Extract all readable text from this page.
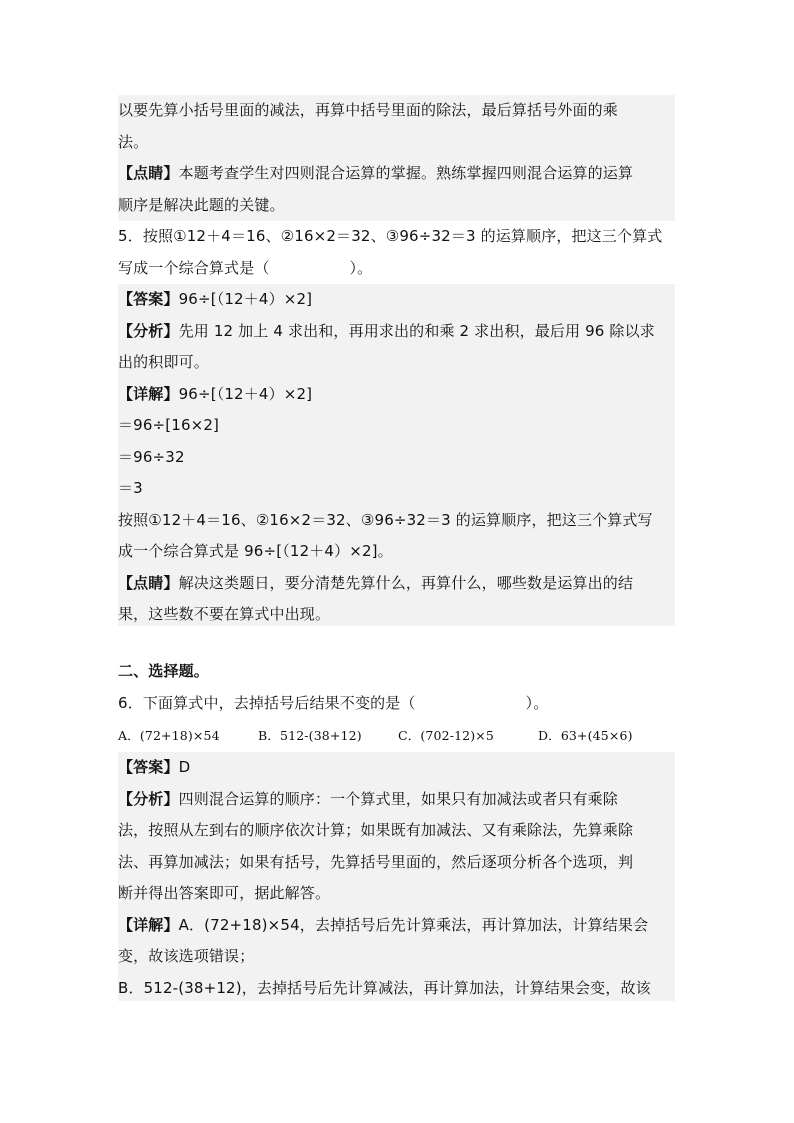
以要先算小括号里面的减法，再算中括号里面的除法，最后算括号外面的乘
法。
【点睛】本题考查学生对四则混合运算的掌握。熟练掌握四则混合运算的运算
顺序是解决此题的关键。
5．按照①12＋4＝16、②16×2＝32、③96÷32＝3 的运算顺序，把这三个算式
写成一个综合算式是（	）。
【答案】96÷[（12＋4）×2]
【分析】先用 12 加上 4 求出和，再用求出的和乘 2 求出积，最后用 96 除以求
出的积即可。
【详解】96÷[（12＋4）×2]
＝96÷[16×2]
＝96÷32
＝3
按照①12＋4＝16、②16×2＝32、③96÷32＝3 的运算顺序，把这三个算式写
成一个综合算式是 96÷[（12＋4）×2]。
【点睛】解决这类题日，要分清楚先算什么，再算什么，哪些数是运算出的结
果，这些数不要在算式中出现。
二、选择题。
6．下面算式中，去掉括号后结果不变的是（	）。
A．(72+18)×54	B．512-(38+12)	C．(702-12)×5	D．63+(45×6)
【答案】D
【分析】四则混合运算的顺序：一个算式里，如果只有加减法或者只有乘除
法，按照从左到右的顺序依次计算；如果既有加减法、又有乘除法，先算乘除
法、再算加减法；如果有括号，先算括号里面的，然后逐项分析各个选项，判
断并得出答案即可，据此解答。
【详解】A．(72+18)×54，去掉括号后先计算乘法，再计算加法，计算结果会
变，故该选项错误；
B．512-(38+12)，去掉括号后先计算减法，再计算加法，计算结果会变，故该
